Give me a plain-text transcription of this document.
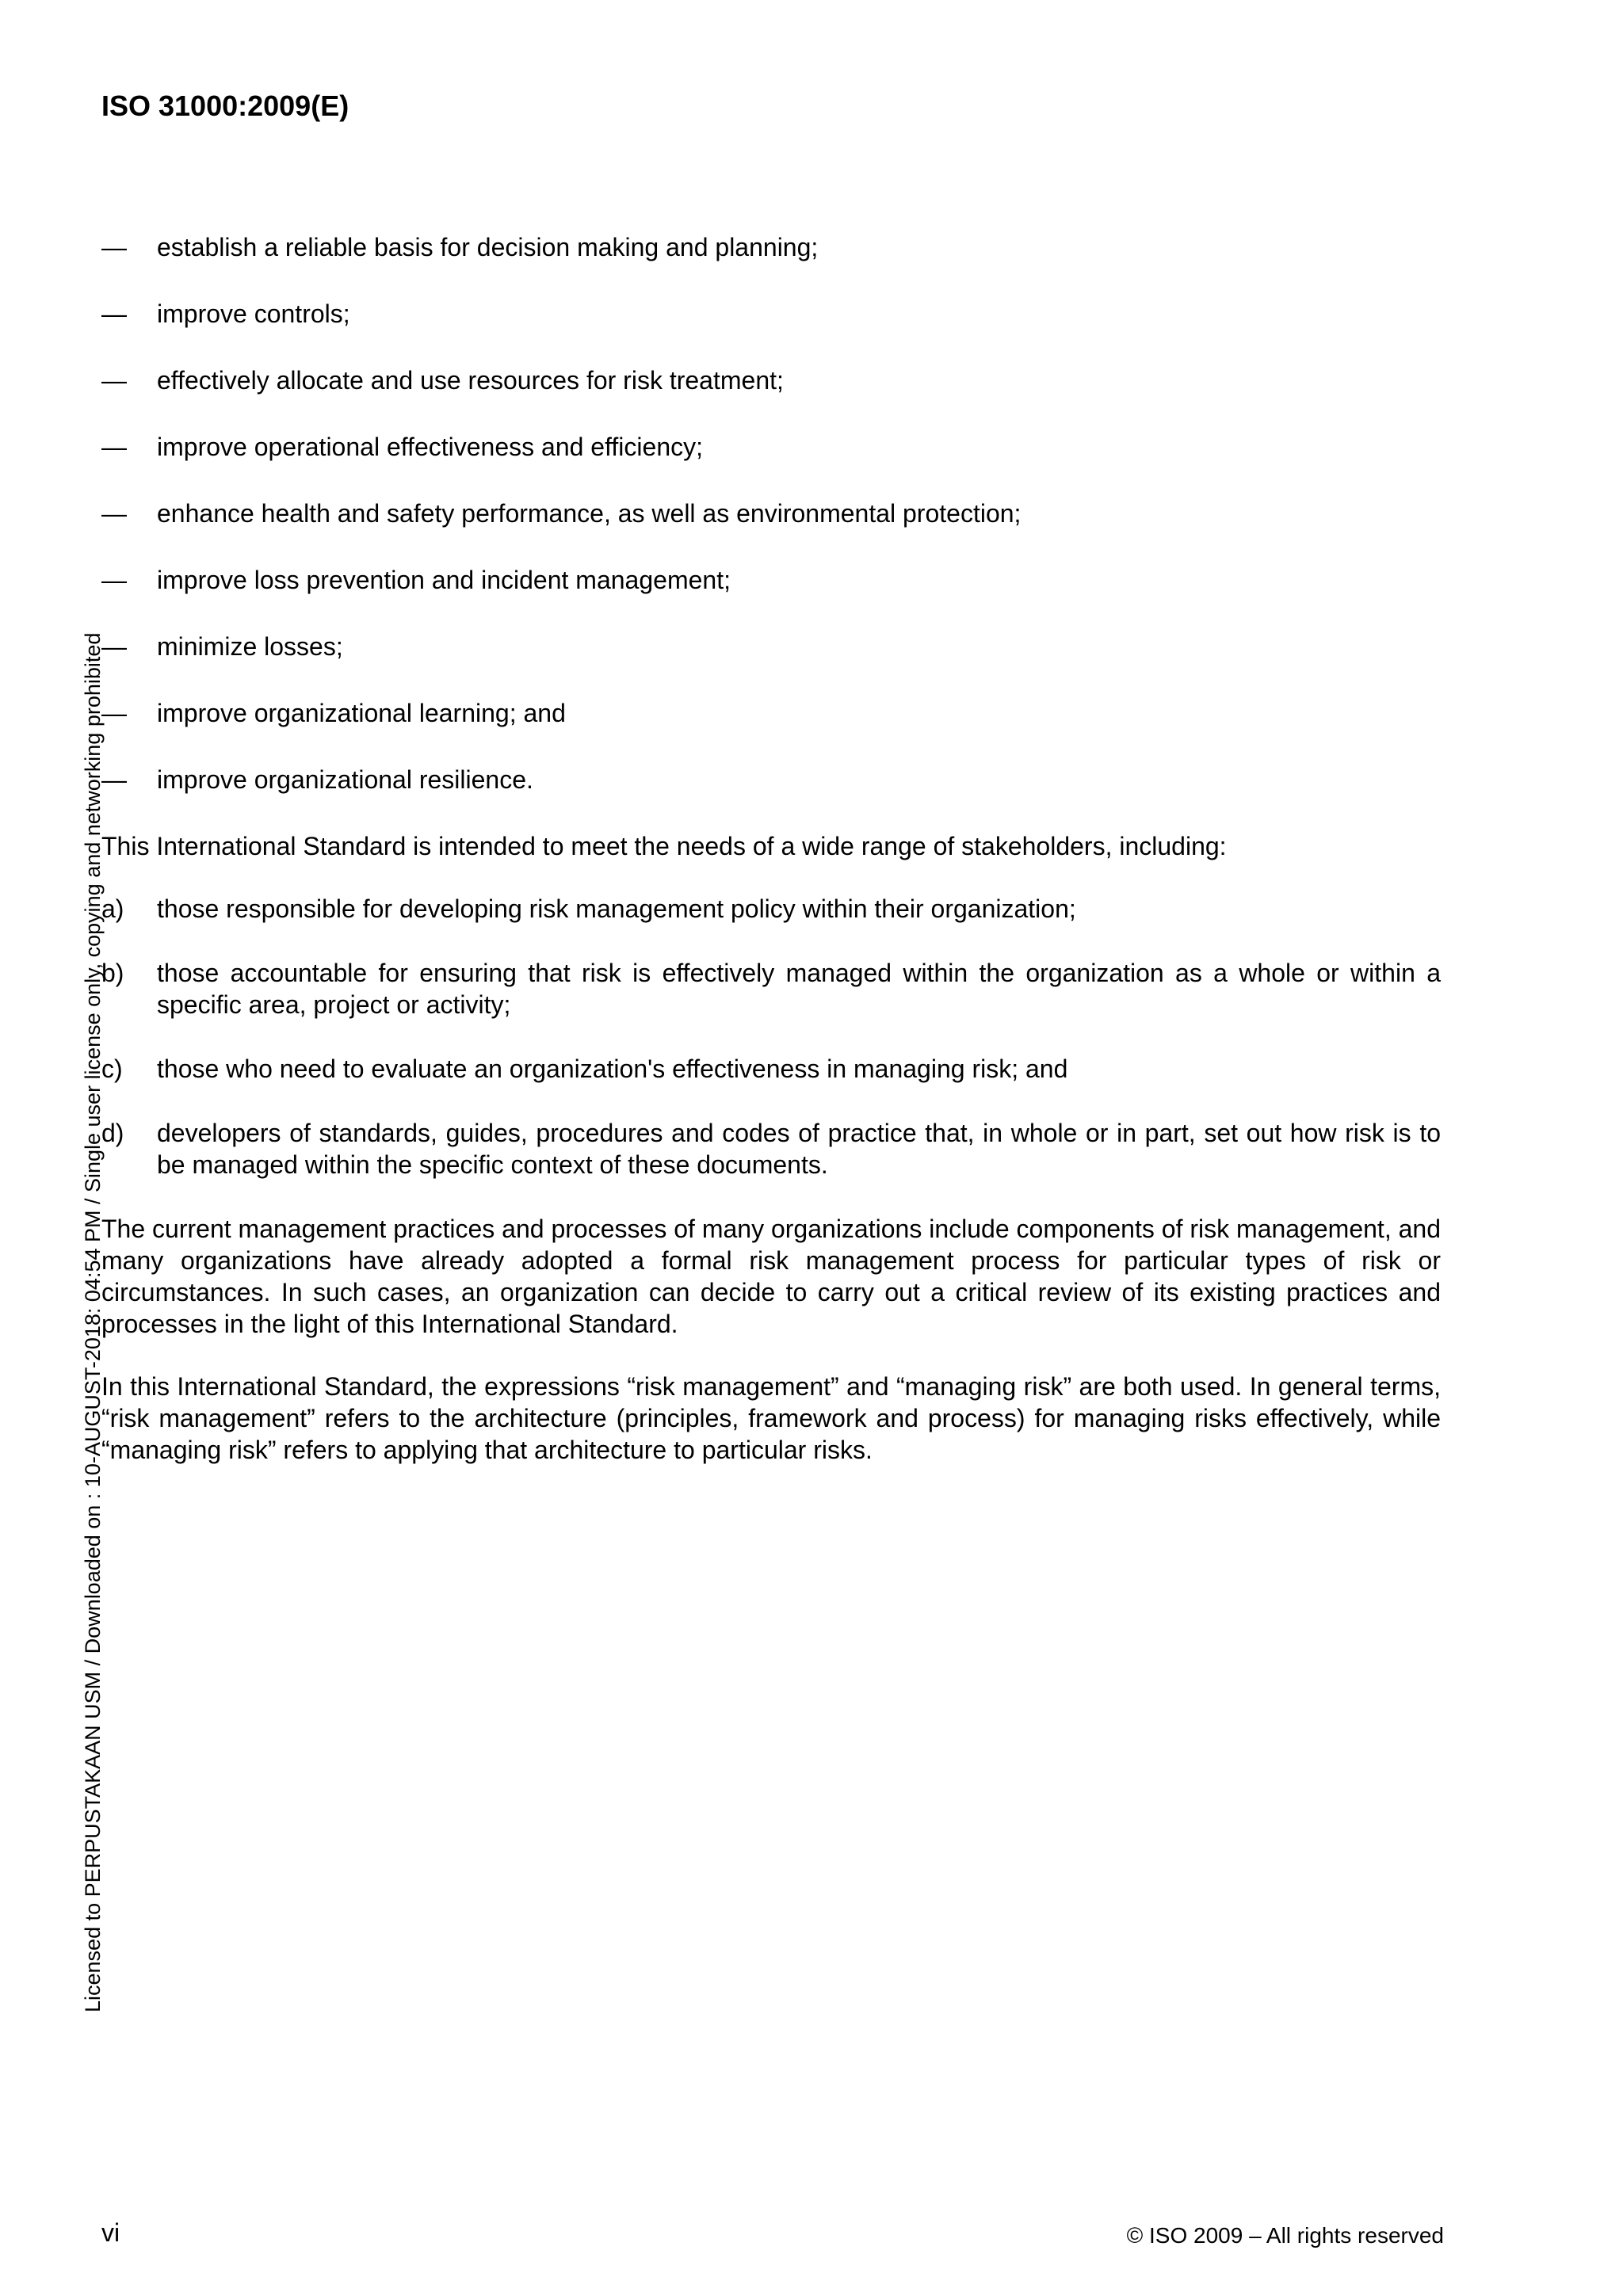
ISO 31000:2009(E)
— establish a reliable basis for decision making and planning;
— improve controls;
— effectively allocate and use resources for risk treatment;
— improve operational effectiveness and efficiency;
— enhance health and safety performance, as well as environmental protection;
— improve loss prevention and incident management;
— minimize losses;
— improve organizational learning; and
— improve organizational resilience.

This International Standard is intended to meet the needs of a wide range of stakeholders, including:

a) those responsible for developing risk management policy within their organization;
b) those accountable for ensuring that risk is effectively managed within the organization as a whole or within a specific area, project or activity;
c) those who need to evaluate an organization's effectiveness in managing risk; and
d) developers of standards, guides, procedures and codes of practice that, in whole or in part, set out how risk is to be managed within the specific context of these documents.

The current management practices and processes of many organizations include components of risk management, and many organizations have already adopted a formal risk management process for particular types of risk or circumstances. In such cases, an organization can decide to carry out a critical review of its existing practices and processes in the light of this International Standard.

In this International Standard, the expressions “risk management” and “managing risk” are both used. In general terms, “risk management” refers to the architecture (principles, framework and process) for managing risks effectively, while “managing risk” refers to applying that architecture to particular risks.

Licensed to PERPUSTAKAAN USM / Downloaded on : 10-AUGUST-2018: 04:54 PM / Single user license only, copying and networking prohibited
vi	© ISO 2009 – All rights reserved
